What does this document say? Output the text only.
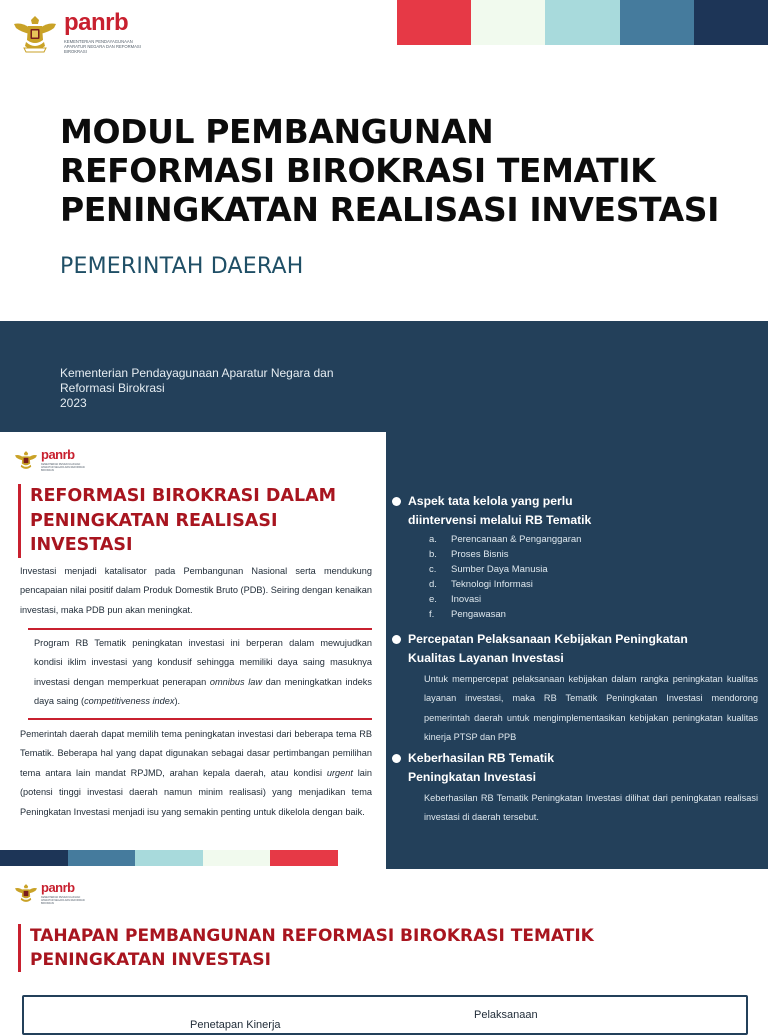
panrb
KEMENTERIAN PENDAYAGUNAAN APARATUR NEGARA DAN REFORMASI BIROKRASI
MODUL PEMBANGUNAN
REFORMASI BIROKRASI TEMATIK
PENINGKATAN REALISASI INVESTASI
PEMERINTAH DAERAH
Kementerian Pendayagunaan Aparatur Negara dan
Reformasi Birokrasi
2023
panrb
KEMENTERIAN PENDAYAGUNAAN APARATUR NEGARA DAN REFORMASI BIROKRASI
REFORMASI BIROKRASI DALAM
PENINGKATAN REALISASI
INVESTASI

Investasi menjadi katalisator pada Pembangunan Nasional serta mendukung pencapaian nilai positif dalam Produk Domestik Bruto (PDB). Seiring dengan kenaikan investasi, maka PDB pun akan meningkat.

Program RB Tematik peningkatan investasi ini berperan dalam mewujudkan kondisi iklim investasi yang kondusif sehingga memiliki daya saing masuknya investasi dengan memperkuat penerapan omnibus law dan meningkatkan indeks daya saing (competitiveness index).

Pemerintah daerah dapat memilih tema peningkatan investasi dari beberapa tema RB Tematik. Beberapa hal yang dapat digunakan sebagai dasar pertimbangan pemilihan tema antara lain mandat RPJMD, arahan kepala daerah, atau kondisi urgent lain (potensi tinggi investasi daerah namun minim realisasi) yang menjadikan tema Peningkatan Investasi menjadi isu yang semakin penting untuk dikelola dengan baik.

Aspek tata kelola yang perlu
diintervensi melalui RB Tematik
a.	Perencanaan & Penganggaran
b.	Proses Bisnis
c.	Sumber Daya Manusia
d.	Teknologi Informasi
e.	Inovasi
f.	Pengawasan
Percepatan Pelaksanaan Kebijakan Peningkatan
Kualitas Layanan Investasi

Untuk mempercepat pelaksanaan kebijakan dalam rangka peningkatan kualitas layanan investasi, maka RB Tematik Peningkatan Investasi mendorong pemerintah daerah untuk mengimplementasikan kebijakan peningkatan kualitas kinerja PTSP dan PPB

Keberhasilan RB Tematik
Peningkatan Investasi

Keberhasilan RB Tematik Peningkatan Investasi dilihat dari peningkatan realisasi investasi di daerah tersebut.

panrb
KEMENTERIAN PENDAYAGUNAAN APARATUR NEGARA DAN REFORMASI BIROKRASI
TAHAPAN PEMBANGUNAN REFORMASI BIROKRASI TEMATIK
PENINGKATAN INVESTASI
Penetapan Kinerja
Pelaksanaan
